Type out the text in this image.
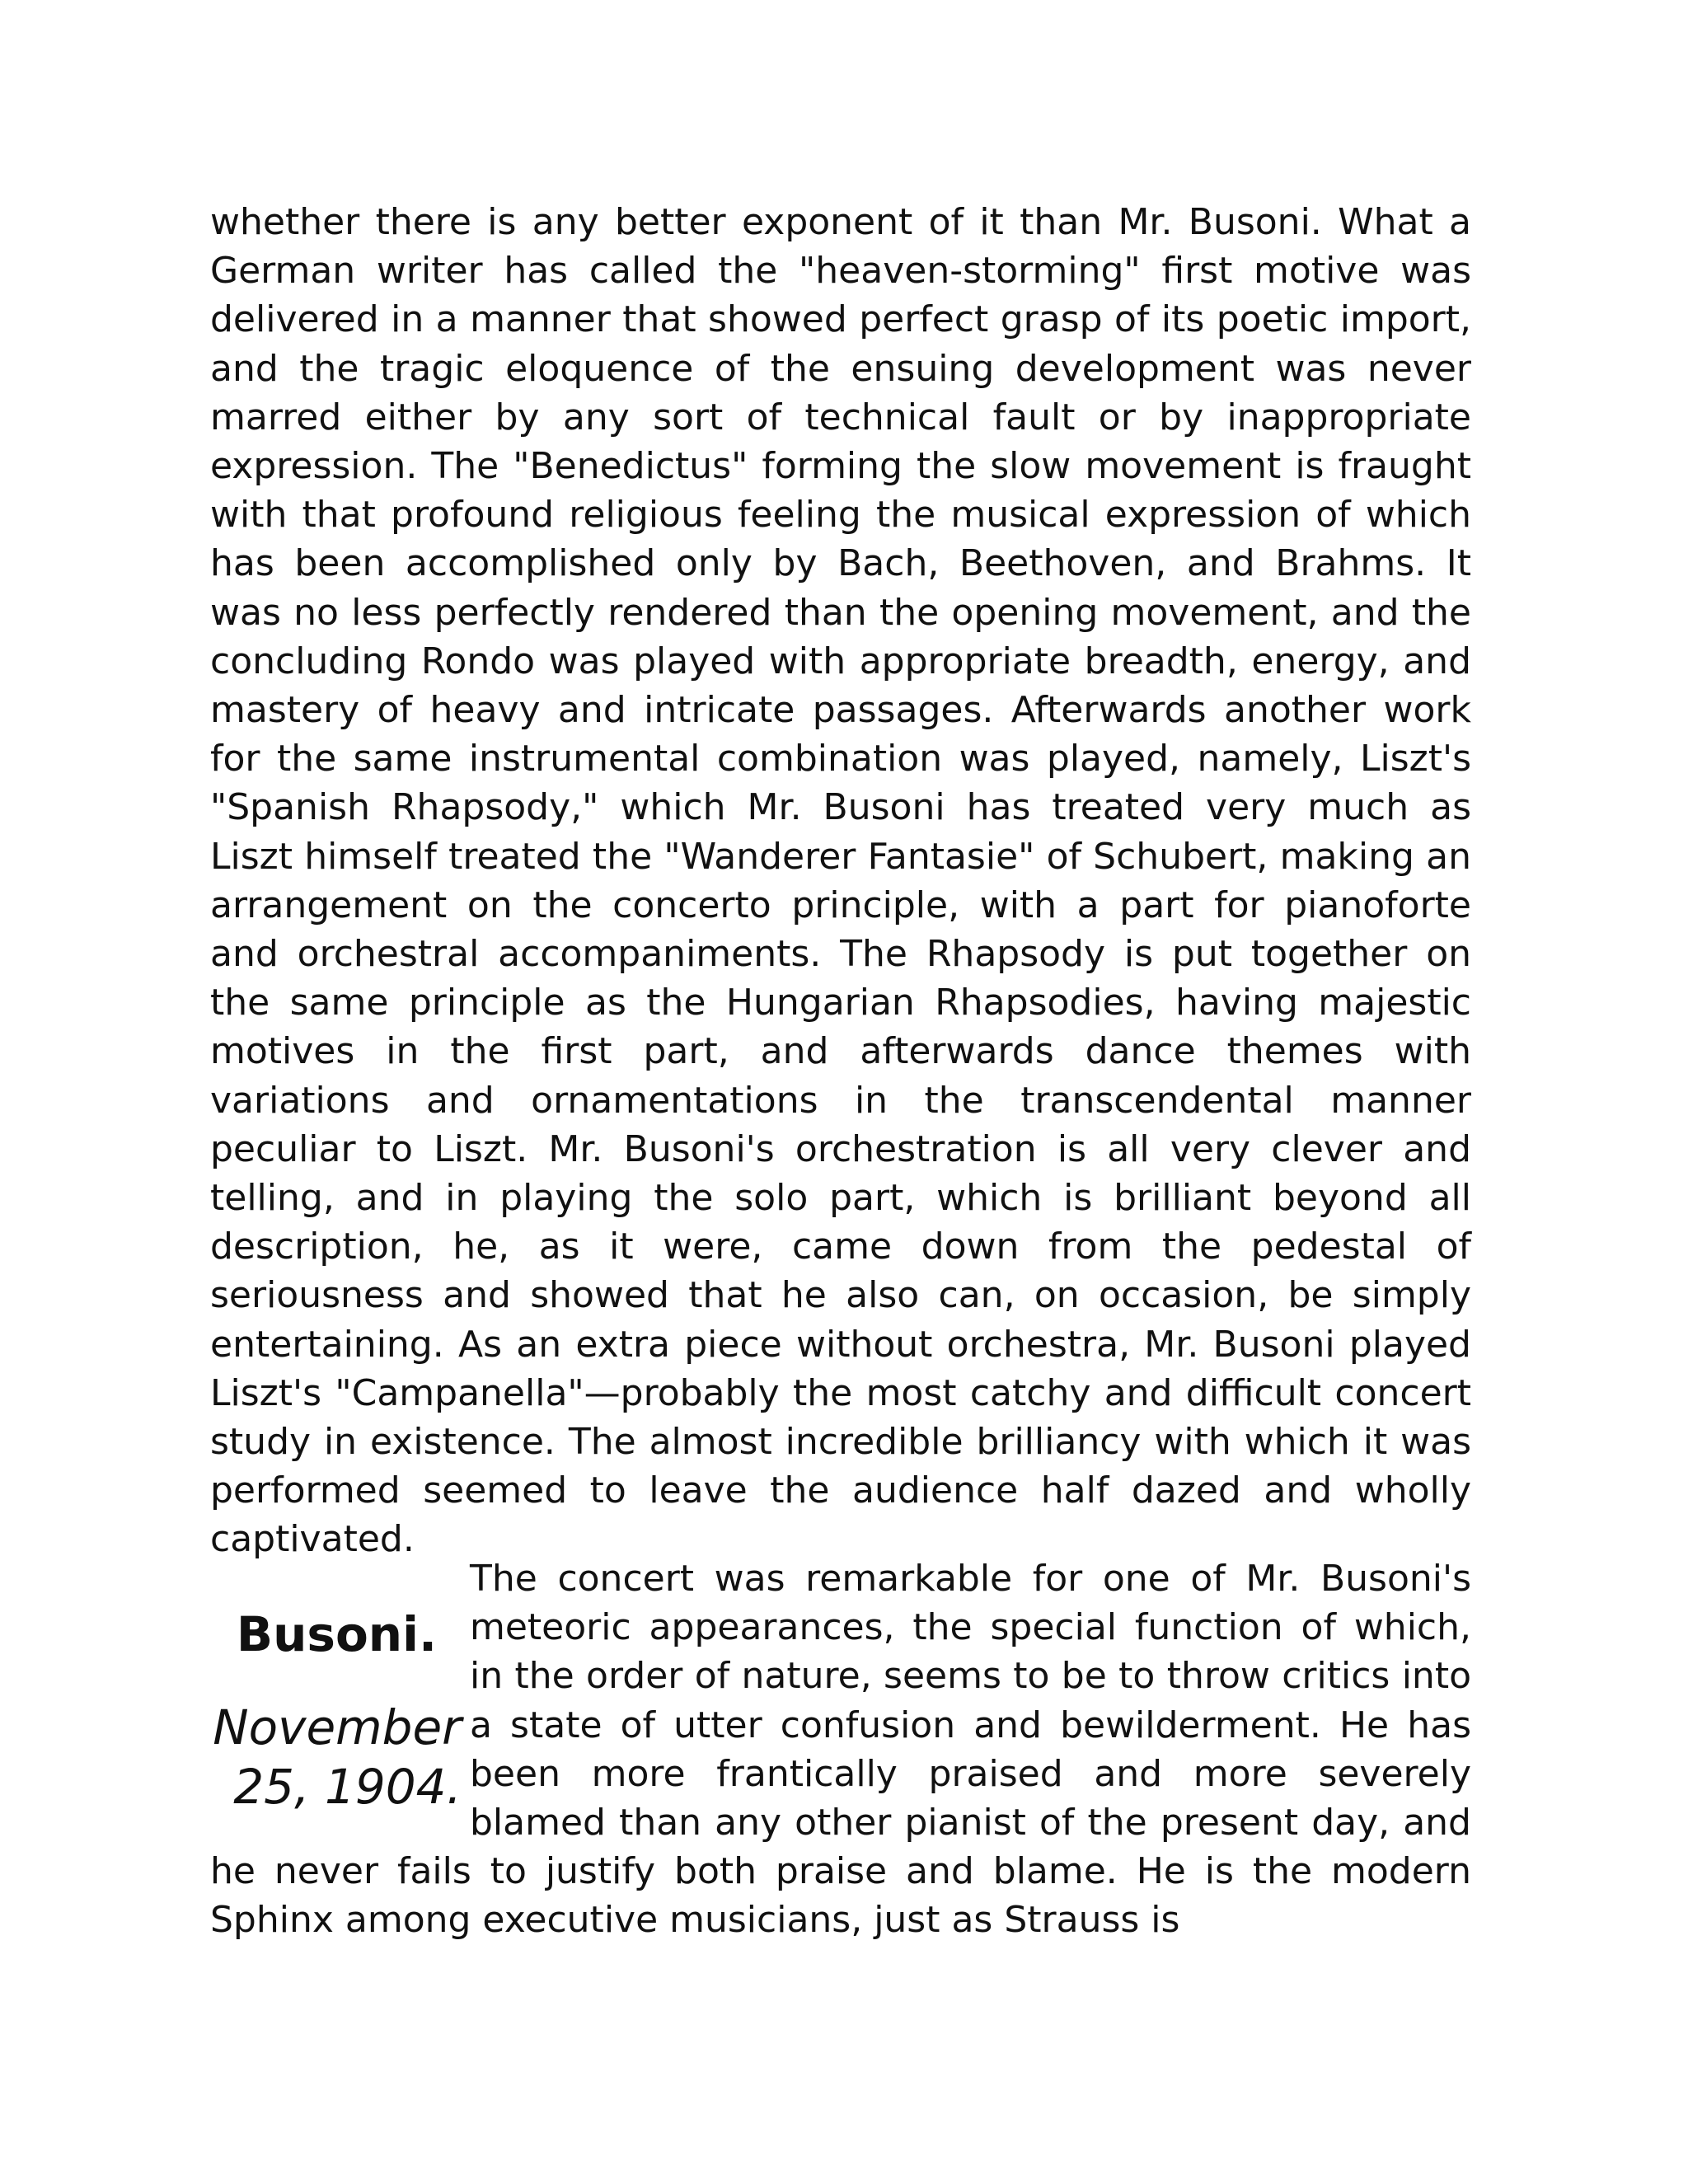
whether there is any better exponent of it than Mr. Busoni. What a German writer has called the "heaven-storming" first motive was delivered in a manner that showed perfect grasp of its poetic import, and the tragic eloquence of the ensuing development was never marred either by any sort of technical fault or by inappropriate expression. The "Benedictus" forming the slow movement is fraught with that profound religious feeling the musical expression of which has been accomplished only by Bach, Beethoven, and Brahms. It was no less perfectly rendered than the opening movement, and the concluding Rondo was played with appropriate breadth, energy, and mastery of heavy and intricate passages. Afterwards another work for the same instrumental combination was played, namely, Liszt's "Spanish Rhapsody," which Mr. Busoni has treated very much as Liszt himself treated the "Wanderer Fantasie" of Schubert, making an arrangement on the concerto principle, with a part for pianoforte and orchestral accompaniments. The Rhapsody is put together on the same principle as the Hungarian Rhapsodies, having majestic motives in the first part, and afterwards dance themes with variations and ornamentations in the transcendental manner peculiar to Liszt. Mr. Busoni's orchestration is all very clever and telling, and in playing the solo part, which is brilliant beyond all description, he, as it were, came down from the pedestal of seriousness and showed that he also can, on occasion, be simply entertaining. As an extra piece without orchestra, Mr. Busoni played Liszt's "Campanella"—probably the most catchy and difficult concert study in existence. The almost incredible brilliancy with which it was performed seemed to leave the audience half dazed and wholly captivated.

The concert was remarkable for one of Mr. Busoni's meteoric appearances, the special function of which, in the order of nature, seems to be to throw critics into a state of utter confusion and bewilderment. He has been more frantically praised and more severely blamed than any other pianist of the present day, and he never fails to justify both praise and blame. He is the modern Sphinx among executive musicians, just as Strauss is

Busoni.
November 25, 1904.
